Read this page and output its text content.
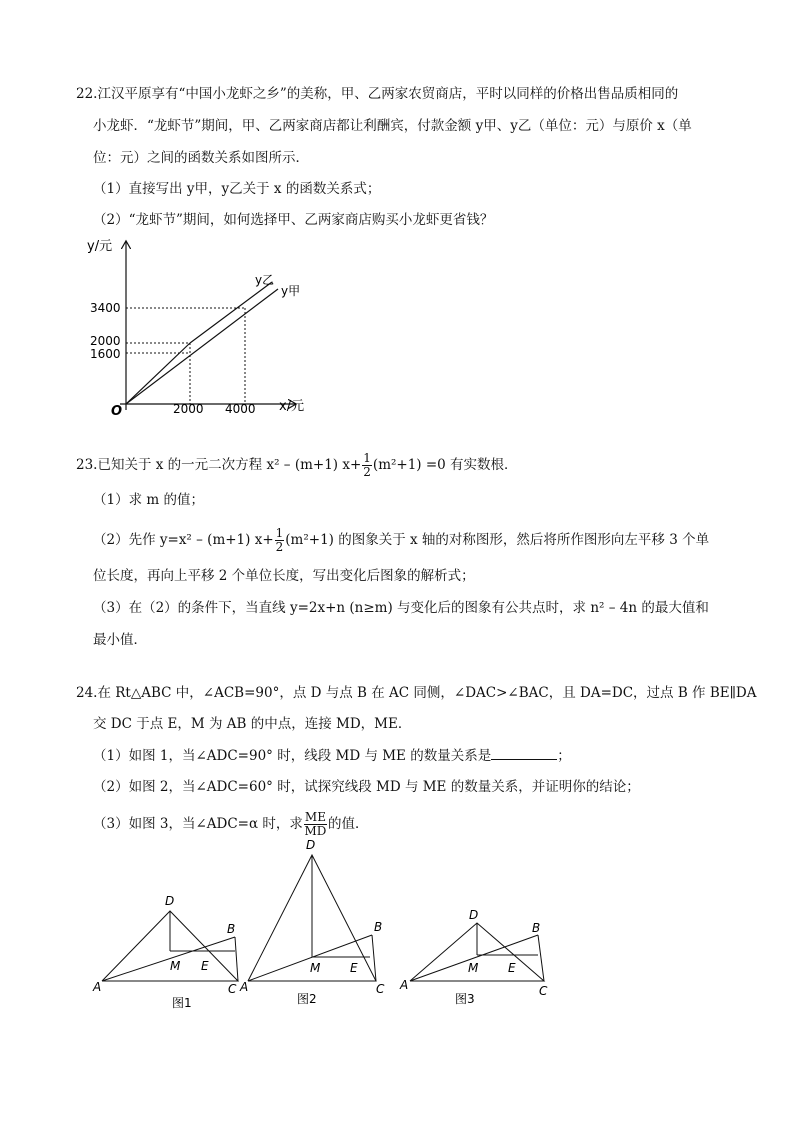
22.江汉平原享有“中国小龙虾之乡”的美称，甲、乙两家农贸商店，平时以同样的价格出售品质相同的
小龙虾．“龙虾节”期间，甲、乙两家商店都让利酬宾，付款金额 y甲、y乙（单位：元）与原价 x（单
位：元）之间的函数关系如图所示．
（1）直接写出 y甲，y乙关于 x 的函数关系式；
（2）“龙虾节”期间，如何选择甲、乙两家商店购买小龙虾更省钱？
y/元
x/元
O
3400
2000
1600
2000 4000
y乙
y甲
23.已知关于 x 的一元二次方程 x² – (m+1) $x+ \frac{1}{2} (m^2+1) =0$ 有实数根．
（1）求 m 的值；
（2）先作 y=x² – (m+1) $x+ \frac{1}{2} (m^2+1)$ 的图象关于 x 轴的对称图形，然后将所作图形向左平移 3 个单
位长度，再向上平移 2 个单位长度，写出变化后图象的解析式；
（3）在（2）的条件下，当直线 y=2x+n (n≥m) 与变化后的图象有公共点时，求 n² – 4n 的最大值和
最小值．
24.在 Rt△ABC 中，∠ACB=90°，点 D 与点 B 在 AC 同侧，∠DAC>∠BAC，且 DA=DC，过点 B 作 BE∥DA
交 DC 于点 E，M 为 AB 的中点，连接 MD，ME．
（1）如图 1，当∠ADC=90° 时，线段 MD 与 ME 的数量关系是	；
（2）如图 2，当∠ADC=60° 时，试探究线段 MD 与 ME 的数量关系，并证明你的结论；
（3）如图 3，当∠ADC=α 时，求 $\frac{ME}{MD}$ 的值．
A
D
B
C
M E
图1
A
D
B
C
M E
图2
A
D
B
C
M E
图3
